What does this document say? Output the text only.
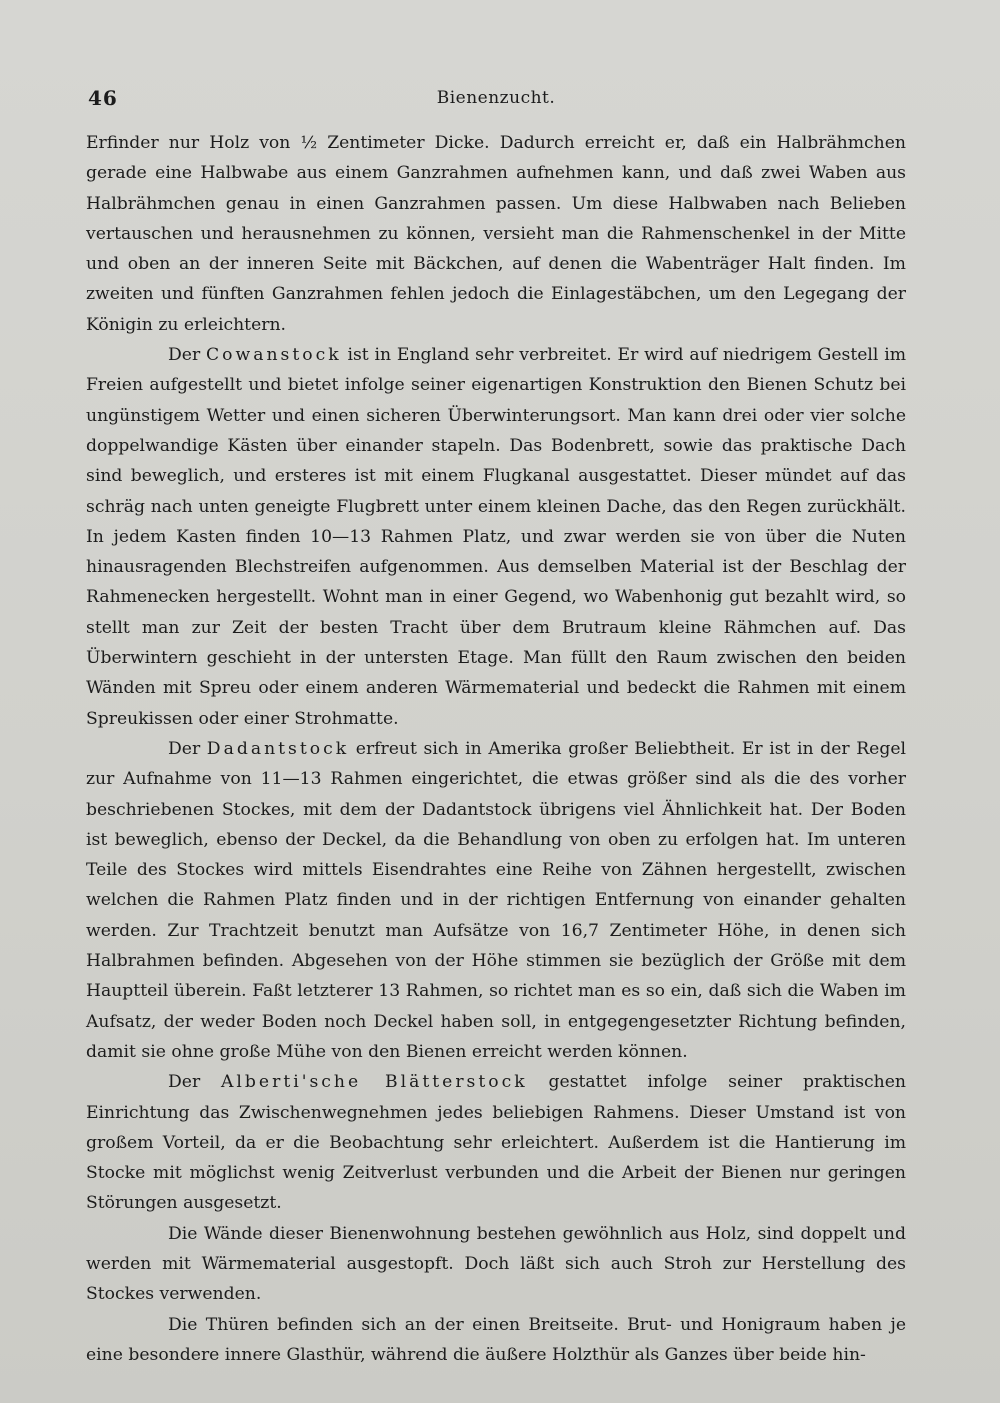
46	Bienenzucht.

Erfinder nur Holz von ½ Zentimeter Dicke. Dadurch erreicht er, daß ein Halbrähmchen gerade eine Halbwabe aus einem Ganzrahmen aufnehmen kann, und daß zwei Waben aus Halbrähmchen genau in einen Ganzrahmen passen. Um diese Halbwaben nach Belieben vertauschen und herausnehmen zu können, versieht man die Rahmenschenkel in der Mitte und oben an der inneren Seite mit Bäckchen, auf denen die Wabenträger Halt finden. Im zweiten und fünften Ganzrahmen fehlen jedoch die Einlagestäbchen, um den Legegang der Königin zu erleichtern.

Der Cowanstock ist in England sehr verbreitet. Er wird auf niedrigem Gestell im Freien aufgestellt und bietet infolge seiner eigenartigen Konstruktion den Bienen Schutz bei ungünstigem Wetter und einen sicheren Überwinterungsort. Man kann drei oder vier solche doppelwandige Kästen über einander stapeln. Das Bodenbrett, sowie das praktische Dach sind beweglich, und ersteres ist mit einem Flugkanal ausgestattet. Dieser mündet auf das schräg nach unten geneigte Flugbrett unter einem kleinen Dache, das den Regen zurückhält. In jedem Kasten finden 10—13 Rahmen Platz, und zwar werden sie von über die Nuten hinausragenden Blechstreifen aufgenommen. Aus demselben Material ist der Beschlag der Rahmenecken hergestellt. Wohnt man in einer Gegend, wo Wabenhonig gut bezahlt wird, so stellt man zur Zeit der besten Tracht über dem Brutraum kleine Rähmchen auf. Das Überwintern geschieht in der untersten Etage. Man füllt den Raum zwischen den beiden Wänden mit Spreu oder einem anderen Wärmematerial und bedeckt die Rahmen mit einem Spreukissen oder einer Strohmatte.

Der Dadantstock erfreut sich in Amerika großer Beliebtheit. Er ist in der Regel zur Aufnahme von 11—13 Rahmen eingerichtet, die etwas größer sind als die des vorher beschriebenen Stockes, mit dem der Dadantstock übrigens viel Ähnlichkeit hat. Der Boden ist beweglich, ebenso der Deckel, da die Behandlung von oben zu erfolgen hat. Im unteren Teile des Stockes wird mittels Eisendrahtes eine Reihe von Zähnen hergestellt, zwischen welchen die Rahmen Platz finden und in der richtigen Entfernung von einander gehalten werden. Zur Trachtzeit benutzt man Aufsätze von 16,7 Zentimeter Höhe, in denen sich Halbrahmen befinden. Abgesehen von der Höhe stimmen sie bezüglich der Größe mit dem Hauptteil überein. Faßt letzterer 13 Rahmen, so richtet man es so ein, daß sich die Waben im Aufsatz, der weder Boden noch Deckel haben soll, in entgegengesetzter Richtung befinden, damit sie ohne große Mühe von den Bienen erreicht werden können.

Der Alberti'sche Blätterstock gestattet infolge seiner praktischen Einrichtung das Zwischenwegnehmen jedes beliebigen Rahmens. Dieser Umstand ist von großem Vorteil, da er die Beobachtung sehr erleichtert. Außerdem ist die Hantierung im Stocke mit möglichst wenig Zeitverlust verbunden und die Arbeit der Bienen nur geringen Störungen ausgesetzt.

Die Wände dieser Bienenwohnung bestehen gewöhnlich aus Holz, sind doppelt und werden mit Wärmematerial ausgestopft. Doch läßt sich auch Stroh zur Herstellung des Stockes verwenden.

Die Thüren befinden sich an der einen Breitseite. Brut- und Honigraum haben je eine besondere innere Glasthür, während die äußere Holzthür als Ganzes über beide hin-
